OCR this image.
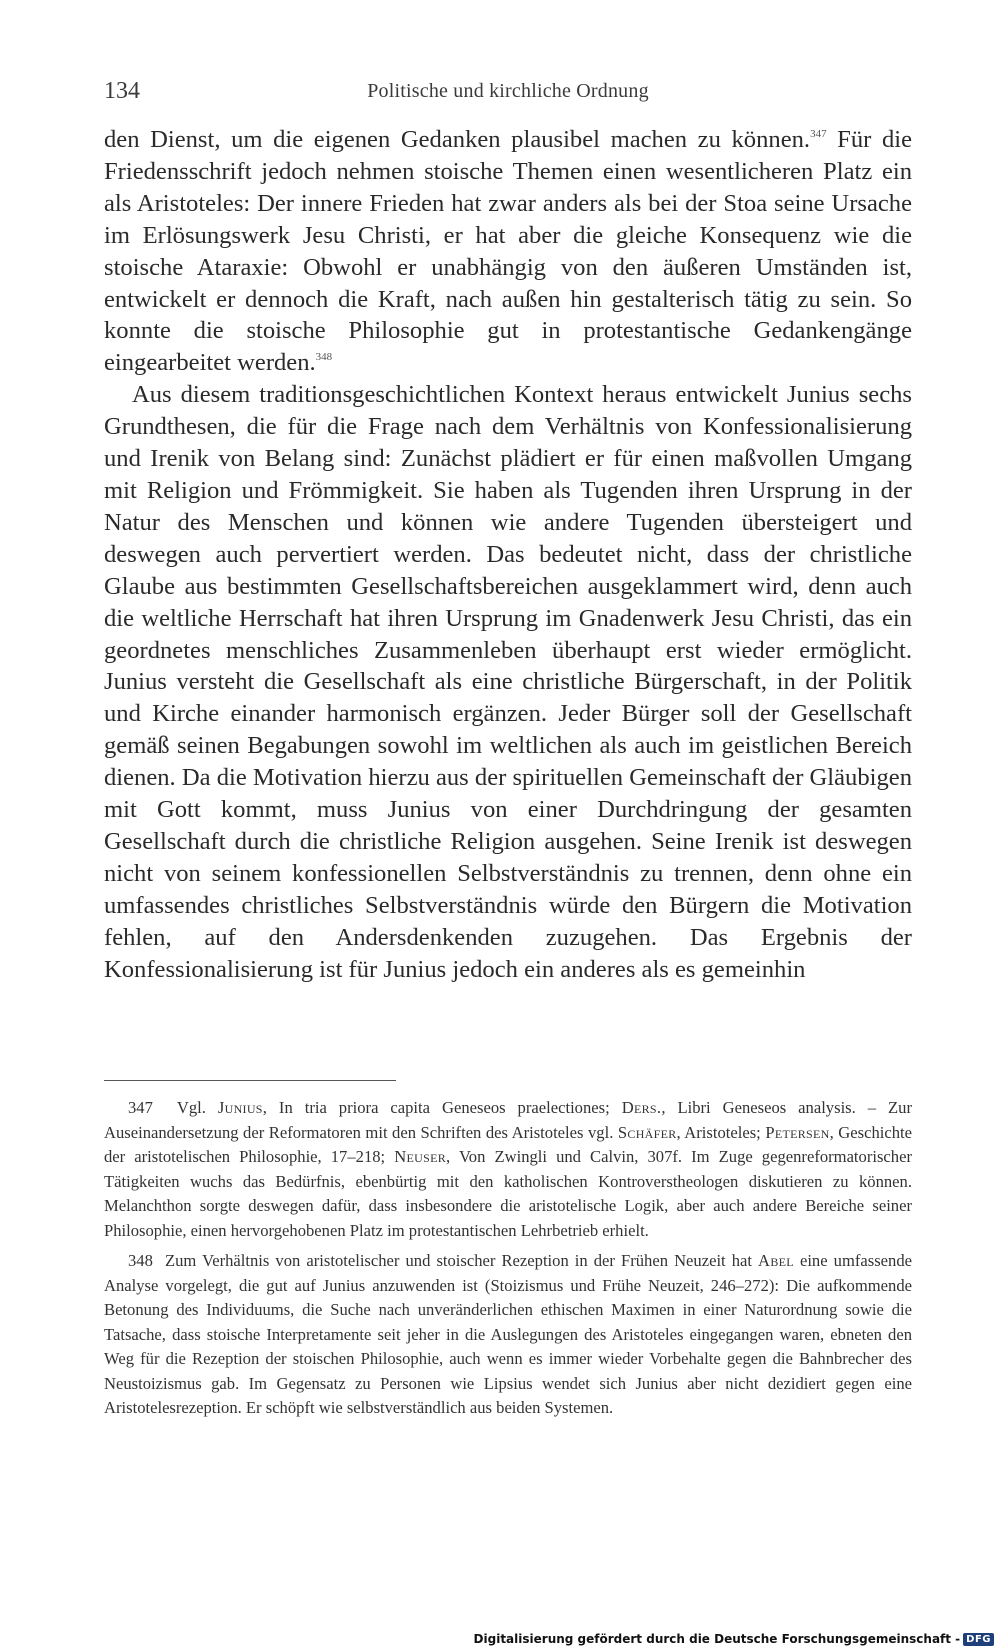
134	Politische und kirchliche Ordnung

den Dienst, um die eigenen Gedanken plausibel machen zu können.$^{347}$ Für die Friedensschrift jedoch nehmen stoische Themen einen wesentlicheren Platz ein als Aristoteles: Der innere Frieden hat zwar anders als bei der Stoa seine Ursache im Erlösungswerk Jesu Christi, er hat aber die gleiche Konsequenz wie die stoische Ataraxie: Obwohl er unabhängig von den äußeren Umständen ist, entwickelt er dennoch die Kraft, nach außen hin gestalterisch tätig zu sein. So konnte die stoische Philosophie gut in protestantische Gedankengänge eingearbeitet werden.$^{348}$

Aus diesem traditionsgeschichtlichen Kontext heraus entwickelt Junius sechs Grundthesen, die für die Frage nach dem Verhältnis von Konfessionalisierung und Irenik von Belang sind: Zunächst plädiert er für einen maßvollen Umgang mit Religion und Frömmigkeit. Sie haben als Tugenden ihren Ursprung in der Natur des Menschen und können wie andere Tugenden übersteigert und deswegen auch pervertiert werden. Das bedeutet nicht, dass der christliche Glaube aus bestimmten Gesellschaftsbereichen ausgeklammert wird, denn auch die weltliche Herrschaft hat ihren Ursprung im Gnadenwerk Jesu Christi, das ein geordnetes menschliches Zusammenleben überhaupt erst wieder ermöglicht. Junius versteht die Gesellschaft als eine christliche Bürgerschaft, in der Politik und Kirche einander harmonisch ergänzen. Jeder Bürger soll der Gesellschaft gemäß seinen Begabungen sowohl im weltlichen als auch im geistlichen Bereich dienen. Da die Motivation hierzu aus der spirituellen Gemeinschaft der Gläubigen mit Gott kommt, muss Junius von einer Durchdringung der gesamten Gesellschaft durch die christliche Religion ausgehen. Seine Irenik ist deswegen nicht von seinem konfessionellen Selbstverständnis zu trennen, denn ohne ein umfassendes christliches Selbstverständnis würde den Bürgern die Motivation fehlen, auf den Andersdenkenden zuzugehen. Das Ergebnis der Konfessionalisierung ist für Junius jedoch ein anderes als es gemeinhin

347 Vgl. Junius, In tria priora capita Geneseos praelectiones; Ders., Libri Geneseos analysis. – Zur Auseinandersetzung der Reformatoren mit den Schriften des Aristoteles vgl. Schäfer, Aristoteles; Petersen, Geschichte der aristotelischen Philosophie, 17–218; Neuser, Von Zwingli und Calvin, 307f. Im Zuge gegenreformatorischer Tätigkeiten wuchs das Bedürfnis, ebenbürtig mit den katholischen Kontroverstheologen diskutieren zu können. Melanchthon sorgte deswegen dafür, dass insbesondere die aristotelische Logik, aber auch andere Bereiche seiner Philosophie, einen hervorgehobenen Platz im protestantischen Lehrbetrieb erhielt.

348 Zum Verhältnis von aristotelischer und stoischer Rezeption in der Frühen Neuzeit hat Abel eine umfassende Analyse vorgelegt, die gut auf Junius anzuwenden ist (Stoizismus und Frühe Neuzeit, 246–272): Die aufkommende Betonung des Individuums, die Suche nach unveränderlichen ethischen Maximen in einer Naturordnung sowie die Tatsache, dass stoische Interpretamente seit jeher in die Auslegungen des Aristoteles eingegangen waren, ebneten den Weg für die Rezeption der stoischen Philosophie, auch wenn es immer wieder Vorbehalte gegen die Bahnbrecher des Neustoizismus gab. Im Gegensatz zu Personen wie Lipsius wendet sich Junius aber nicht dezidiert gegen eine Aristotelesrezeption. Er schöpft wie selbstverständlich aus beiden Systemen.

Digitalisierung gefördert durch die Deutsche Forschungsgemeinschaft - DFG
